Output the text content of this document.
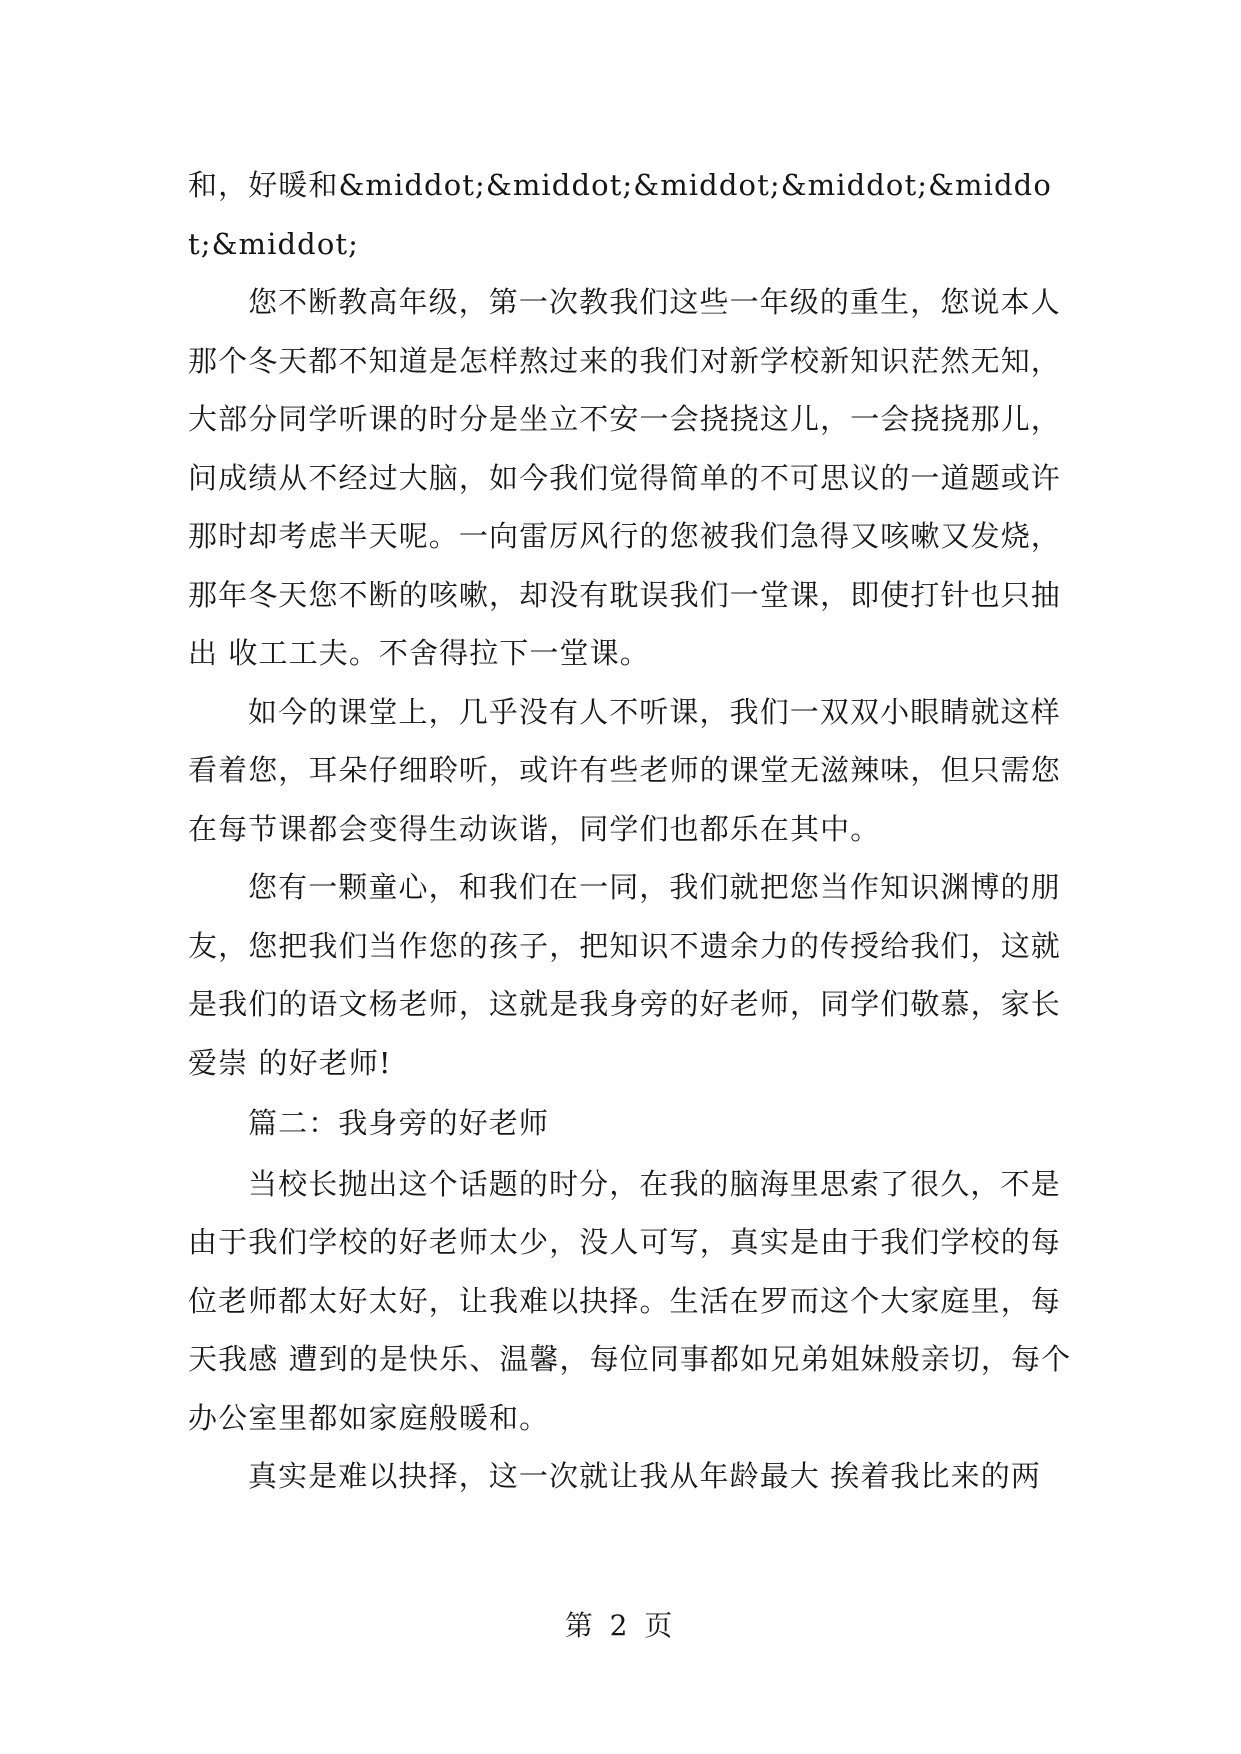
和，好暖和&middot;&middot;&middot;&middot;&middot;&middot;

您不断教高年级，第一次教我们这些一年级的重生，您说本人那个冬天都不知道是怎样熬过来的我们对新学校新知识茫然无知，大部分同学听课的时分是坐立不安一会挠挠这儿，一会挠挠那儿，问成绩从不经过大脑，如今我们觉得简单的不可思议的一道题或许那时却考虑半天呢。一向雷厉风行的您被我们急得又咳嗽又发烧，那年冬天您不断的咳嗽，却没有耽误我们一堂课，即使打针也只抽出 收工工夫。不舍得拉下一堂课。

如今的课堂上，几乎没有人不听课，我们一双双小眼睛就这样看着您，耳朵仔细聆听，或许有些老师的课堂无滋辣味，但只需您在每节课都会变得生动诙谐，同学们也都乐在其中。

您有一颗童心，和我们在一同，我们就把您当作知识渊博的朋友，您把我们当作您的孩子，把知识不遗余力的传授给我们，这就是我们的语文杨老师，这就是我身旁的好老师，同学们敬慕，家长爱崇 的好老师!

篇二：我身旁的好老师

当校长抛出这个话题的时分，在我的脑海里思索了很久，不是由于我们学校的好老师太少，没人可写，真实是由于我们学校的每位老师都太好太好，让我难以抉择。生活在罗而这个大家庭里，每天我感 遭到的是快乐、温馨，每位同事都如兄弟姐妹般亲切，每个办公室里都如家庭般暖和。

真实是难以抉择，这一次就让我从年龄最大 挨着我比来的两

第 2 页
